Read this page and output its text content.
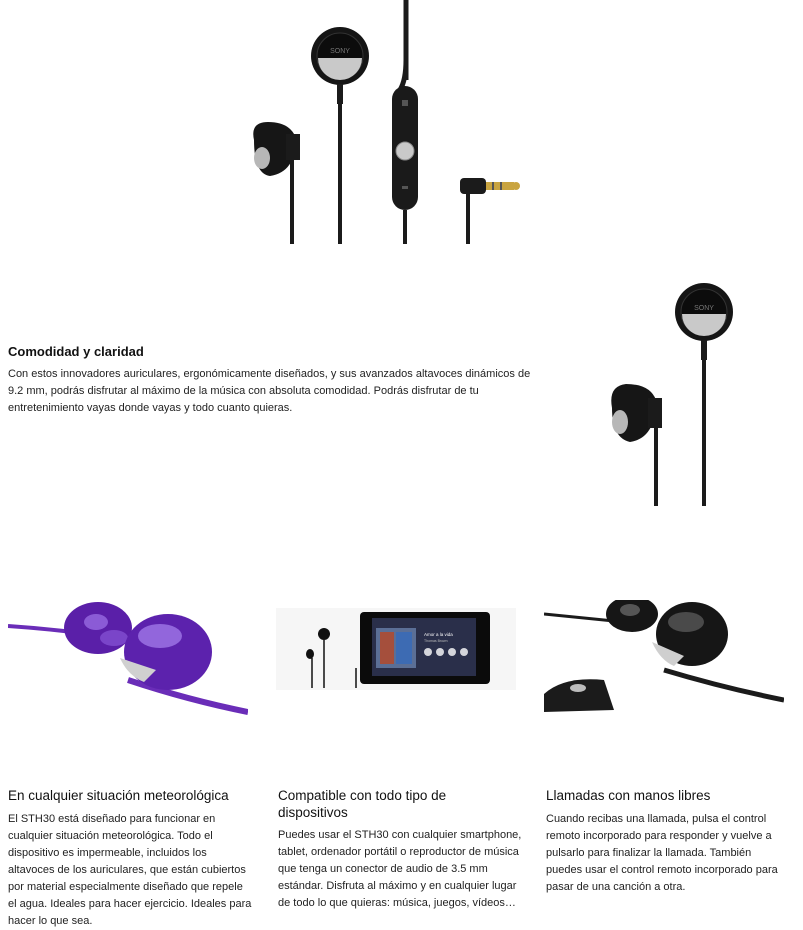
SONY
Comodidad y claridad
Con estos innovadores auriculares, ergonómicamente diseñados, y sus avanzados altavoces dinámicos de 9.2 mm, podrás disfrutar al máximo de la música con absoluta comodidad. Podrás disfrutar de tu entretenimiento vayas donde vayas y todo cuanto quieras.
SONY
Amor a la vida
Thomas Brown
En cualquier situación meteorológica
El STH30 está diseñado para funcionar en cualquier situación meteorológica. Todo el dispositivo es impermeable, incluidos los altavoces de los auriculares, que están cubiertos por material especialmente diseñado que repele el agua. Ideales para hacer ejercicio. Ideales para hacer lo que sea.
Compatible con todo tipo de dispositivos
Puedes usar el STH30 con cualquier smartphone, tablet, ordenador portátil o reproductor de música que tenga un conector de audio de 3.5 mm estándar. Disfruta al máximo y en cualquier lugar de todo lo que quieras: música, juegos, vídeos…
Llamadas con manos libres
Cuando recibas una llamada, pulsa el control remoto incorporado para responder y vuelve a pulsarlo para finalizar la llamada. También puedes usar el control remoto incorporado para pasar de una canción a otra.
